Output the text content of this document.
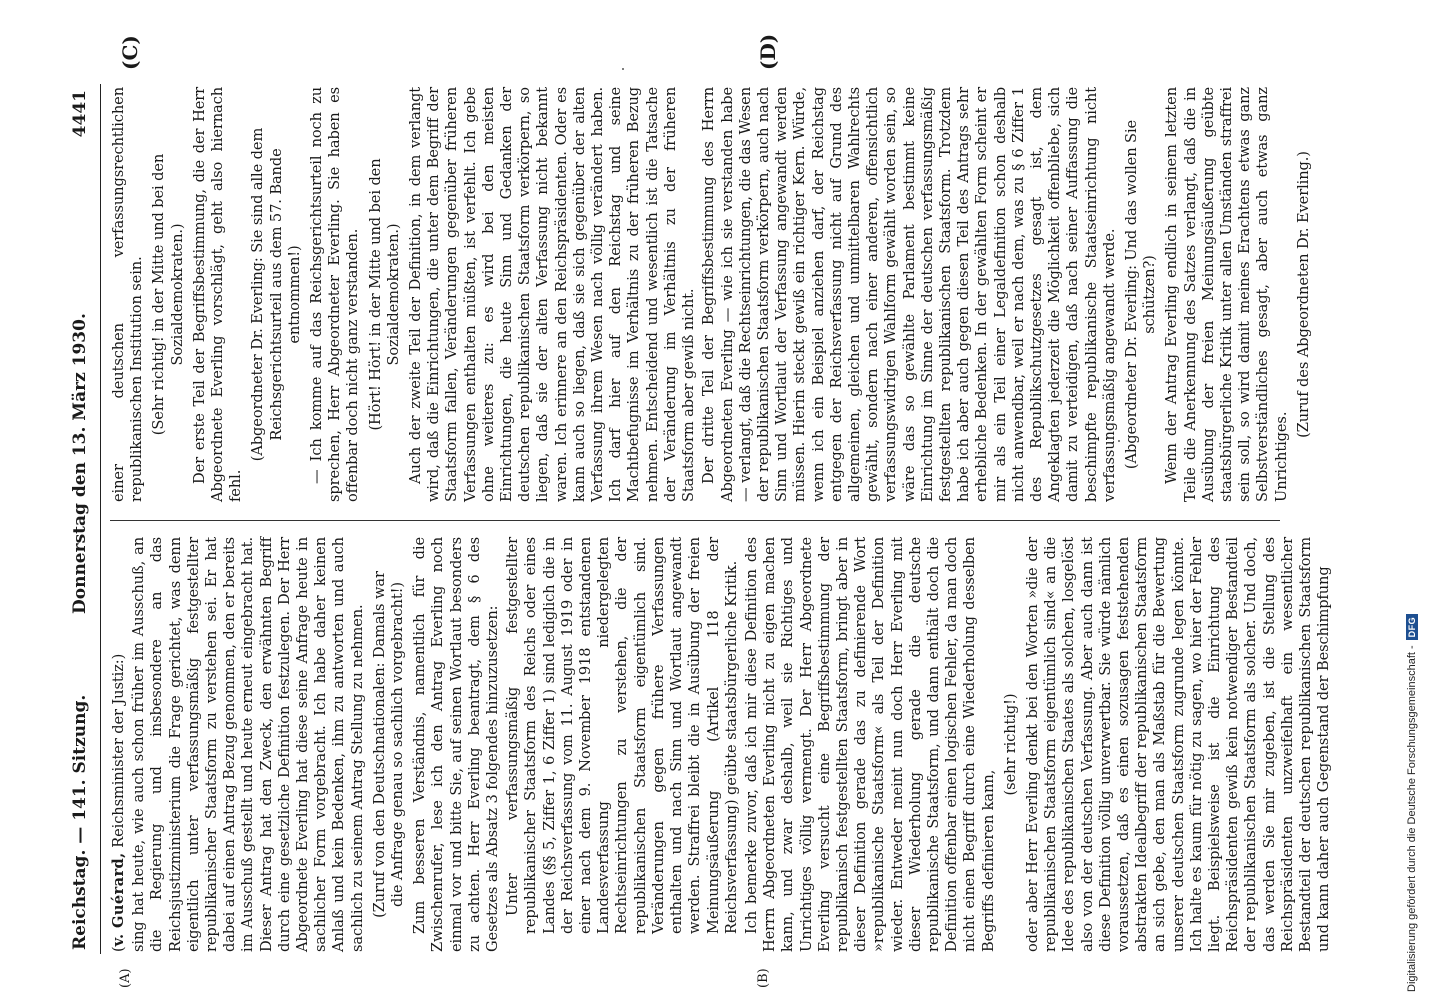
Reichstag. — 141. Sitzung.
Donnerstag den 13. März 1930.
4441
(A)	(B)
(C)	(D)

(v. Guérard, Reichsminister der Justiz:) sing hat heute, wie auch schon früher im Ausschuß, an die Regierung und insbesondere an das Reichsjustizministerium die Frage gerichtet, was denn eigentlich unter verfassungsmäßig festgestellter republikanischer Staatsform zu verstehen sei. Er hat dabei auf einen Antrag Bezug genommen, den er bereits im Ausschuß gestellt und heute erneut eingebracht hat. Dieser Antrag hat den Zweck, den erwähnten Begriff durch eine gesetzliche Definition festzulegen. Der Herr Abgeordnete Everling hat diese seine Anfrage heute in sachlicher Form vorgebracht. Ich habe daher keinen Anlaß und kein Bedenken, ihm zu antworten und auch sachlich zu seinem Antrag Stellung zu nehmen. (Zuruf von den Deutschnationalen: Damals war die Anfrage genau so sachlich vorgebracht!) Zum besseren Verständnis, namentlich für die Zwischenrufer, lese ich den Antrag Everling noch einmal vor und bitte Sie, auf seinen Wortlaut besonders zu achten. Herr Everling beantragt, dem § 6 des Gesetzes als Absatz 3 folgendes hinzuzusetzen: Unter verfassungsmäßig festgestellter republikanischer Staatsform des Reichs oder eines Landes (§§ 5, Ziffer 1, 6 Ziffer 1) sind lediglich die in der Reichsverfassung vom 11. August 1919 oder in einer nach dem 9. November 1918 entstandenen Landesverfassung niedergelegten Rechtseinrichtungen zu verstehen, die der republikanischen Staatsform eigentümlich sind. Veränderungen gegen frühere Verfassungen enthalten und nach Sinn und Wortlaut angewandt werden. Straffrei bleibt die in Ausübung der freien Meinungsäußerung (Artikel 118 der Reichsverfassung) geübte staatsbürgerliche Kritik. Ich bemerke zuvor, daß ich mir diese Definition des Herrn Abgeordneten Everling nicht zu eigen machen kann, und zwar deshalb, weil sie Richtiges und Unrichtiges völlig vermengt. Der Herr Abgeordnete Everling versucht eine Begriffsbestimmung der republikanisch festgestellten Staatsform, bringt aber in dieser Definition gerade das zu definierende Wort »republikanische Staatsform« als Teil der Definition wieder. Entweder meint nun doch Herr Everling mit dieser Wiederholung gerade die deutsche republikanische Staatsform, und dann enthält doch die Definition offenbar einen logischen Fehler, da man doch nicht einen Begriff durch eine Wiederholung desselben Begriffs definieren kann,

(sehr richtig!) oder aber Herr Everling denkt bei den Worten »die der republikanischen Staatsform eigentümlich sind« an die Idee des republikanischen Staates als solchen, losgelöst also von der deutschen Verfassung. Aber auch dann ist diese Definition völlig unverwertbar. Sie würde nämlich voraussetzen, daß es einen sozusagen feststehenden abstrakten Idealbegriff der republikanischen Staatsform an sich gebe, den man als Maßstab für die Bewertung unserer deutschen Staatsform zugrunde legen könnte. Ich halte es kaum für nötig zu sagen, wo hier der Fehler liegt. Beispielsweise ist die Einrichtung des Reichspräsidenten gewiß kein notwendiger Bestandteil der republikanischen Staatsform als solcher. Und doch, das werden Sie mir zugeben, ist die Stellung des Reichspräsidenten unzweifelhaft ein wesentlicher Bestandteil der deutschen republikanischen Staatsform und kann daher auch Gegenstand der Beschimpfung

einer deutschen verfassungsrechtlichen republikanischen Institution sein. (Sehr richtig! in der Mitte und bei den Sozialdemokraten.) Der erste Teil der Begriffsbestimmung, die der Herr Abgeordnete Everling vorschlägt, geht also hiernach fehl.

(Abgeordneter Dr. Everling: Sie sind alle dem Reichsgerichtsurteil aus dem 57. Bande entnommen!) — Ich komme auf das Reichsgerichtsurteil noch zu sprechen, Herr Abgeordneter Everling. Sie haben es offenbar doch nicht ganz verstanden. (Hört! Hört! in der Mitte und bei den Sozialdemokraten.) Auch der zweite Teil der Definition, in dem verlangt wird, daß die Einrichtungen, die unter dem Begriff der Staatsform fallen, Veränderungen gegenüber früheren Verfassungen enthalten müßten, ist verfehlt. Ich gebe ohne weiteres zu: es wird bei den meisten Einrichtungen, die heute Sinn und Gedanken der deutschen republikanischen Staatsform verkörpern, so liegen, daß sie der alten Verfassung nicht bekannt waren. Ich erinnere an den Reichspräsidenten. Oder es kann auch so liegen, daß sie sich gegenüber der alten Verfassung ihrem Wesen nach völlig verändert haben. Ich darf hier auf den Reichstag und seine Machtbefugnisse im Verhältnis zu der früheren Bezug nehmen. Entscheidend und wesentlich ist die Tatsache der Veränderung im Verhältnis zu der früheren Staatsform aber gewiß nicht. Der dritte Teil der Begriffsbestimmung des Herrn Abgeordneten Everling — wie ich sie verstanden habe — verlangt, daß die Rechtseinrichtungen, die das Wesen der republikanischen Staatsform verkörpern, auch nach Sinn und Wortlaut der Verfassung angewandt werden müssen. Hierin steckt gewiß ein richtiger Kern. Würde, wenn ich ein Beispiel anziehen darf, der Reichstag entgegen der Reichsverfassung nicht auf Grund des allgemeinen, gleichen und unmittelbaren Wahlrechts gewählt, sondern nach einer anderen, offensichtlich verfassungswidrigen Wahlform gewählt worden sein, so wäre das so gewählte Parlament bestimmt keine Einrichtung im Sinne der deutschen verfassungsmäßig festgestellten republikanischen Staatsform. Trotzdem habe ich aber auch gegen diesen Teil des Antrags sehr erhebliche Bedenken. In der gewählten Form scheint er mir als ein Teil einer Legaldefinition schon deshalb nicht anwendbar, weil er nach dem, was zu § 6 Ziffer 1 des Republikschutzgesetzes gesagt ist, dem Angeklagten jederzeit die Möglichkeit offenbliebe, sich damit zu verteidigen, daß nach seiner Auffassung die beschimpfte republikanische Staatseinrichtung nicht verfassungsmäßig angewandt werde. (Abgeordneter Dr. Everling: Und das wollen Sie schützen?) Wenn der Antrag Everling endlich in seinem letzten Teile die Anerkennung des Satzes verlangt, daß die in Ausübung der freien Meinungsäußerung geübte staatsbürgerliche Kritik unter allen Umständen straffrei sein soll, so wird damit meines Erachtens etwas ganz Selbstverständliches gesagt, aber auch etwas ganz Unrichtiges.

(Zuruf des Abgeordneten Dr. Everling.)

Digitalisierung gefördert durch die Deutsche Forschungsgemeinschaft -
DFG
